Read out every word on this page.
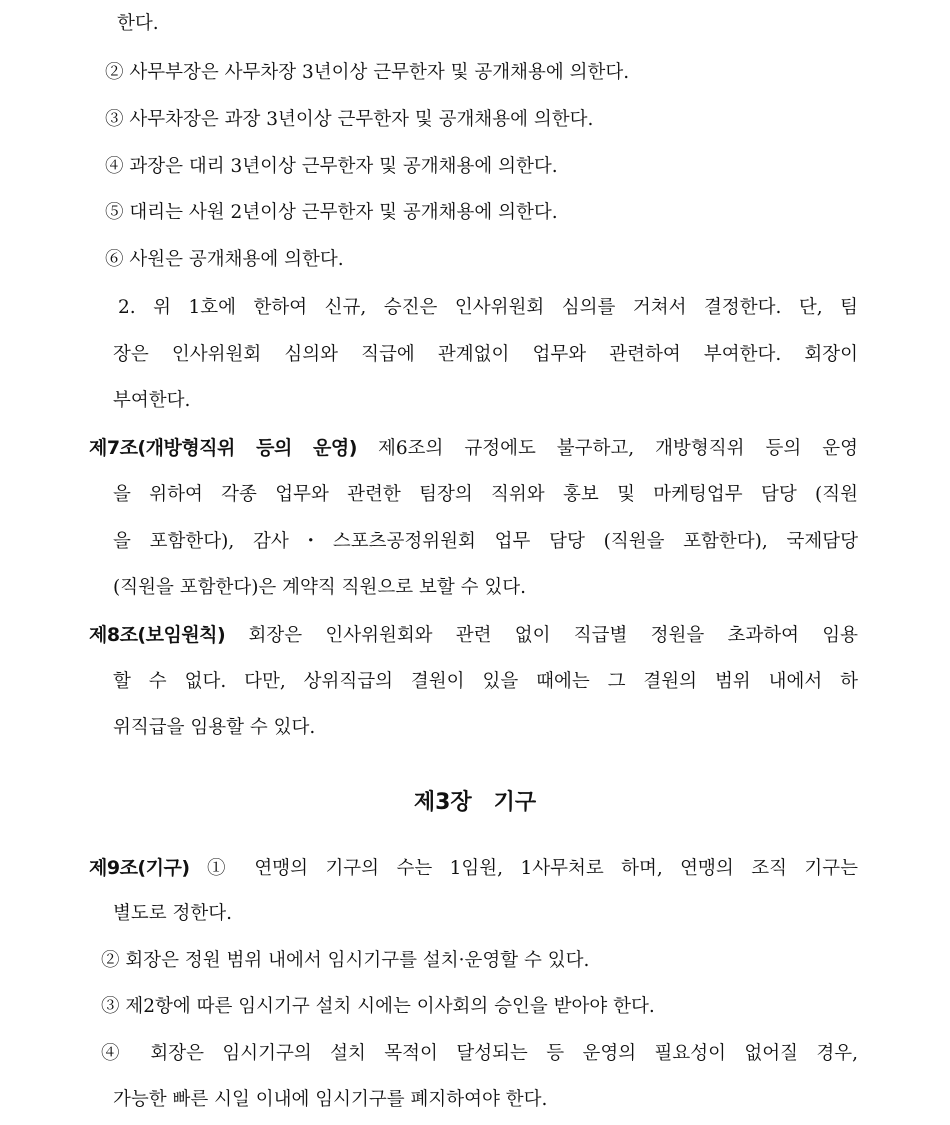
한다.
② 사무부장은 사무차장 3년이상 근무한자 및 공개채용에 의한다.
③ 사무차장은 과장 3년이상 근무한자 및 공개채용에 의한다.
④ 과장은 대리 3년이상 근무한자 및 공개채용에 의한다.
⑤ 대리는 사원 2년이상 근무한자 및 공개채용에 의한다.
⑥ 사원은 공개채용에 의한다.
2. 위 1호에 한하여 신규, 승진은 인사위원회 심의를 거쳐서 결정한다. 단, 팀
장은 인사위원회 심의와 직급에 관계없이 업무와 관련하여 부여한다. 회장이
부여한다.
제7조(개방형직위 등의 운영) 제6조의 규정에도 불구하고, 개방형직위 등의 운영
을 위하여 각종 업무와 관련한 팀장의 직위와 홍보 및 마케팅업무 담당 (직원
을 포함한다), 감사・스포츠공정위원회 업무 담당 (직원을 포함한다), 국제담당
(직원을 포함한다)은 계약직 직원으로 보할 수 있다.
제8조(보임원칙) 회장은 인사위원회와 관련 없이 직급별 정원을 초과하여 임용
할 수 없다. 다만, 상위직급의 결원이 있을 때에는 그 결원의 범위 내에서 하
위직급을 임용할 수 있다.
제3장 기구
제9조(기구) ① 연맹의 기구의 수는 1임원, 1사무처로 하며, 연맹의 조직 기구는
별도로 정한다.
② 회장은 정원 범위 내에서 임시기구를 설치·운영할 수 있다.
③ 제2항에 따른 임시기구 설치 시에는 이사회의 승인을 받아야 한다.
④ 회장은 임시기구의 설치 목적이 달성되는 등 운영의 필요성이 없어질 경우,
가능한 빠른 시일 이내에 임시기구를 폐지하여야 한다.
